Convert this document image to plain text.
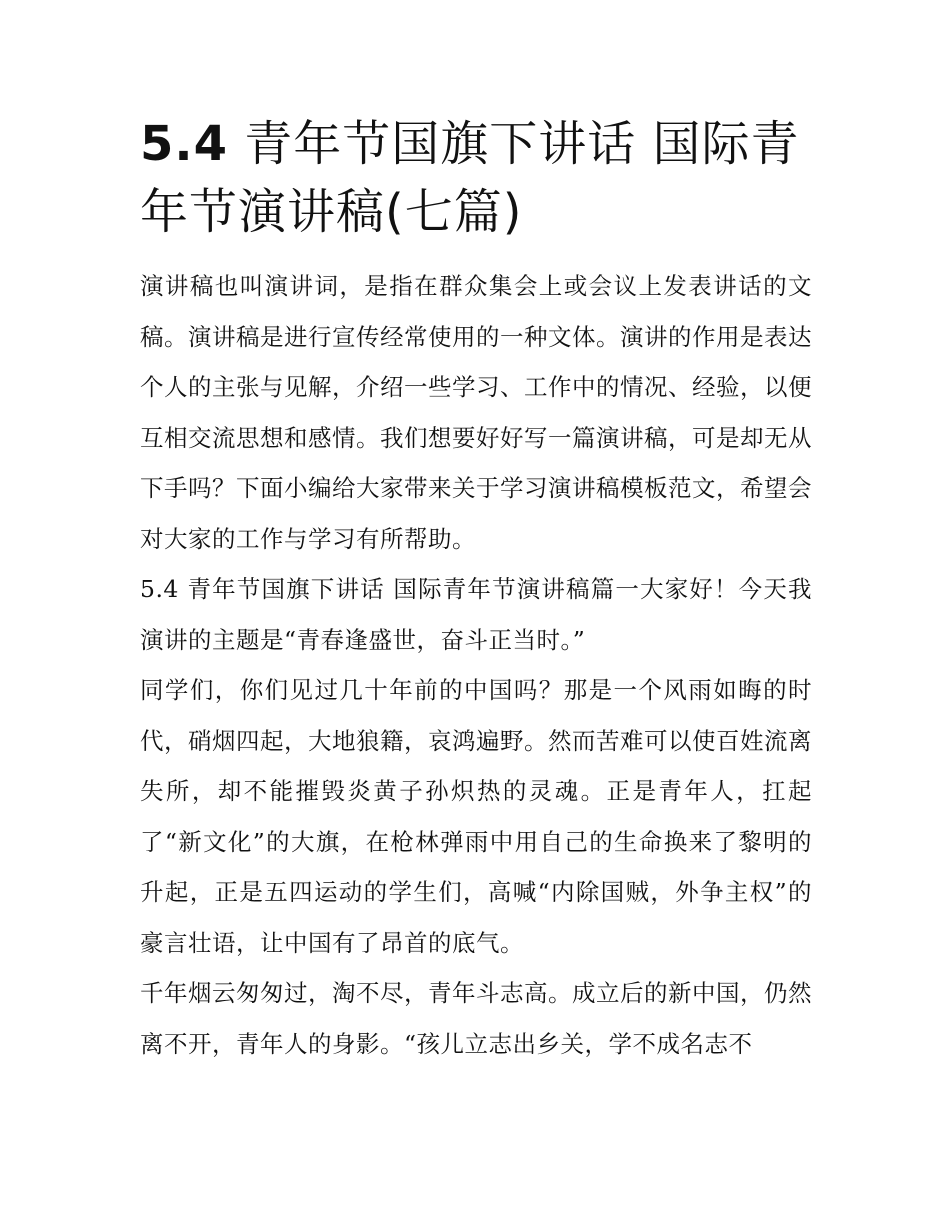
5.4 青年节国旗下讲话 国际青年节演讲稿(七篇)

演讲稿也叫演讲词，是指在群众集会上或会议上发表讲话的文稿。演讲稿是进行宣传经常使用的一种文体。演讲的作用是表达个人的主张与见解，介绍一些学习、工作中的情况、经验，以便互相交流思想和感情。我们想要好好写一篇演讲稿，可是却无从下手吗？下面小编给大家带来关于学习演讲稿模板范文，希望会对大家的工作与学习有所帮助。

5.4 青年节国旗下讲话 国际青年节演讲稿篇一大家好！今天我演讲的主题是“青春逢盛世，奋斗正当时。”

同学们，你们见过几十年前的中国吗？那是一个风雨如晦的时代，硝烟四起，大地狼籍，哀鸿遍野。然而苦难可以使百姓流离失所，却不能摧毁炎黄子孙炽热的灵魂。正是青年人，扛起了“新文化”的大旗，在枪林弹雨中用自己的生命换来了黎明的升起，正是五四运动的学生们，高喊“内除国贼，外争主权”的豪言壮语，让中国有了昂首的底气。

千年烟云匆匆过，淘不尽，青年斗志高。成立后的新中国，仍然离不开，青年人的身影。“孩儿立志出乡关，学不成名志不
